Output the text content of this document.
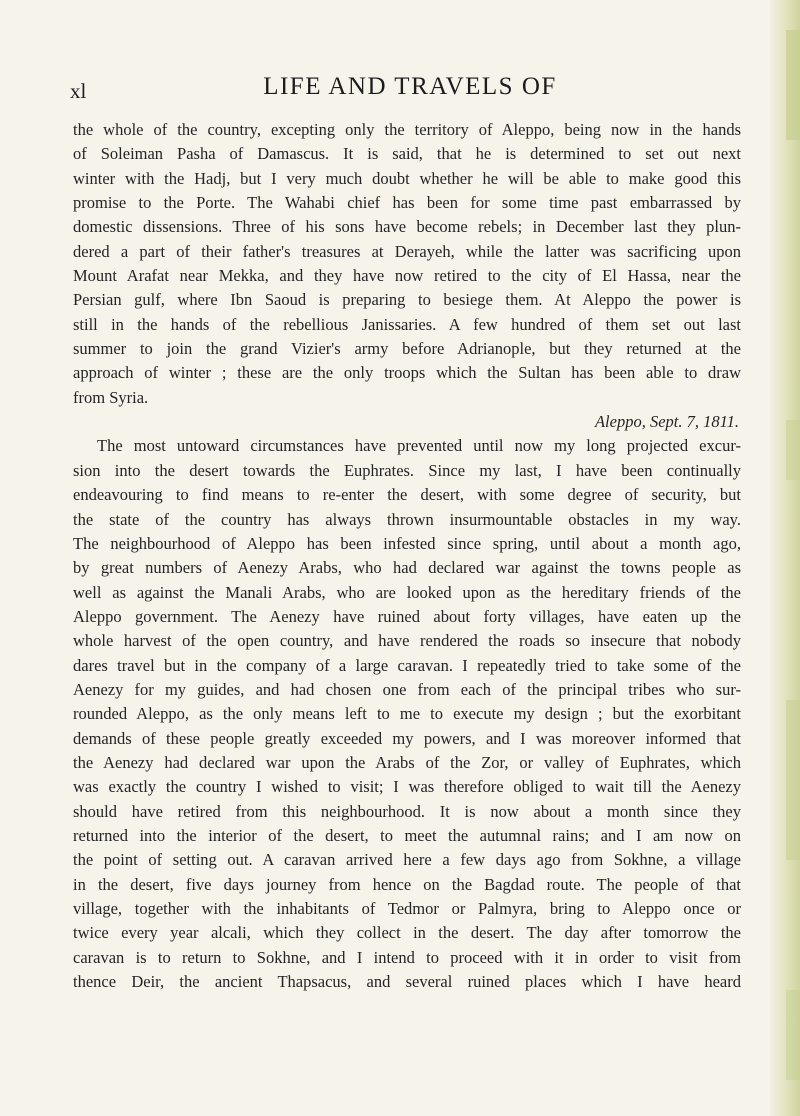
xl	LIFE AND TRAVELS OF
the whole of the country, excepting only the territory of Aleppo, being now in the hands
of Soleiman Pasha of Damascus. It is said, that he is determined to set out next
winter with the Hadj, but I very much doubt whether he will be able to make good this
promise to the Porte. The Wahabi chief has been for some time past embarrassed by
domestic dissensions. Three of his sons have become rebels; in December last they plun-
dered a part of their father's treasures at Derayeh, while the latter was sacrificing upon
Mount Arafat near Mekka, and they have now retired to the city of El Hassa, near the
Persian gulf, where Ibn Saoud is preparing to besiege them. At Aleppo the power is
still in the hands of the rebellious Janissaries. A few hundred of them set out last
summer to join the grand Vizier's army before Adrianople, but they returned at the
approach of winter ; these are the only troops which the Sultan has been able to draw
from Syria.
Aleppo, Sept. 7, 1811.
The most untoward circumstances have prevented until now my long projected excur-
sion into the desert towards the Euphrates. Since my last, I have been continually
endeavouring to find means to re-enter the desert, with some degree of security, but
the state of the country has always thrown insurmountable obstacles in my way.
The neighbourhood of Aleppo has been infested since spring, until about a month ago,
by great numbers of Aenezy Arabs, who had declared war against the towns people as
well as against the Manali Arabs, who are looked upon as the hereditary friends of the
Aleppo government. The Aenezy have ruined about forty villages, have eaten up the
whole harvest of the open country, and have rendered the roads so insecure that nobody
dares travel but in the company of a large caravan. I repeatedly tried to take some of the
Aenezy for my guides, and had chosen one from each of the principal tribes who sur-
rounded Aleppo, as the only means left to me to execute my design ; but the exorbitant
demands of these people greatly exceeded my powers, and I was moreover informed that
the Aenezy had declared war upon the Arabs of the Zor, or valley of Euphrates, which
was exactly the country I wished to visit; I was therefore obliged to wait till the Aenezy
should have retired from this neighbourhood. It is now about a month since they
returned into the interior of the desert, to meet the autumnal rains; and I am now on
the point of setting out. A caravan arrived here a few days ago from Sokhne, a village
in the desert, five days journey from hence on the Bagdad route. The people of that
village, together with the inhabitants of Tedmor or Palmyra, bring to Aleppo once or
twice every year alcali, which they collect in the desert. The day after tomorrow the
caravan is to return to Sokhne, and I intend to proceed with it in order to visit from
thence Deir, the ancient Thapsacus, and several ruined places which I have heard
